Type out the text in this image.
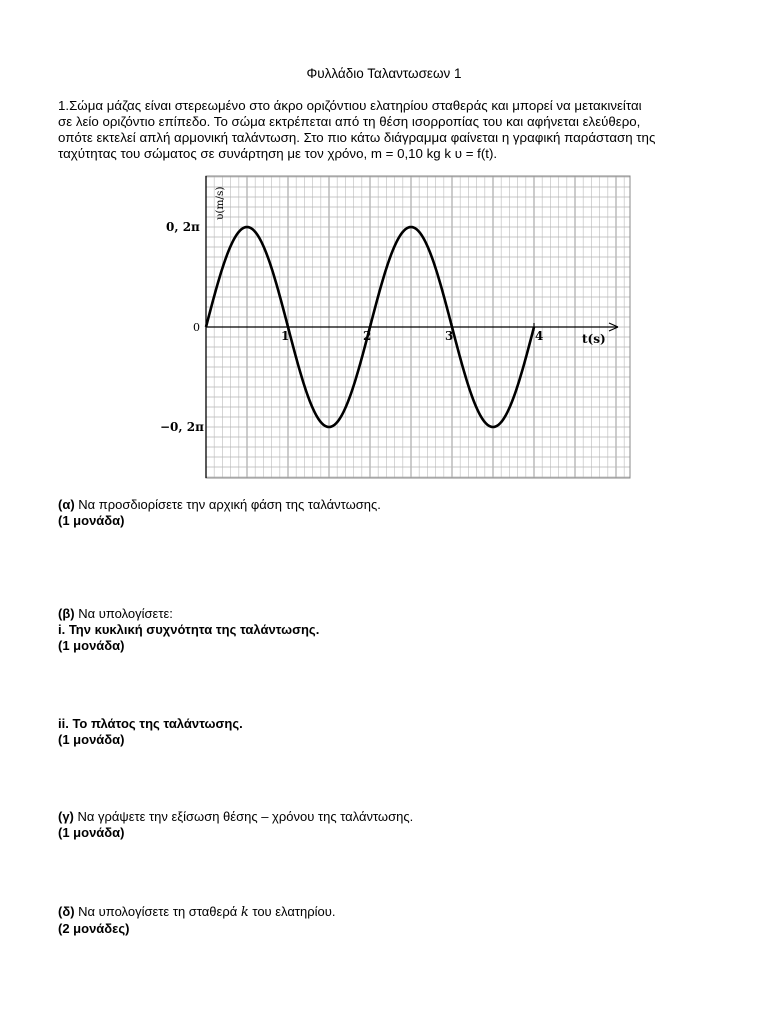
Φυλλάδιο Ταλαντωσεων 1
1.Σώμα μάζας είναι στερεωμένο στο άκρο οριζόντιου ελατηρίου σταθεράς και μπορεί να μετακινείται
σε λείο οριζόντιο επίπεδο. Το σώμα εκτρέπεται από τη θέση ισορροπίας του και αφήνεται ελεύθερο,
οπότε εκτελεί απλή αρμονική ταλάντωση. Στο πιο κάτω διάγραμμα φαίνεται η γραφική παράσταση της
ταχύτητας του σώματος σε συνάρτηση με τον χρόνο, m = 0,10 kg k υ = f(t).
1	2	3	4
0
0, 2π
−0, 2π
t(s)
υ(m/s)
(α) Να προσδιορίσετε την αρχική φάση της ταλάντωσης.
(1 μονάδα)
(β) Να υπολογίσετε:
i. Την κυκλική συχνότητα της ταλάντωσης.
(1 μονάδα)
ii. Το πλάτος της ταλάντωσης.
(1 μονάδα)
(γ) Να γράψετε την εξίσωση θέσης – χρόνου της ταλάντωσης.
(1 μονάδα)
(δ) Να υπολογίσετε τη σταθερά k του ελατηρίου.
(2 μονάδες)
